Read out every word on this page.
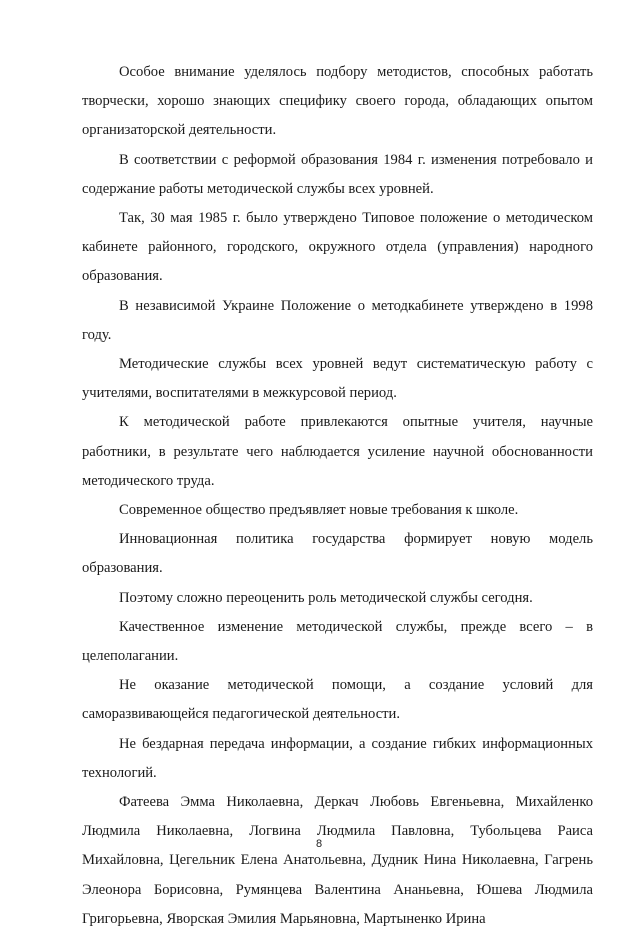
Особое внимание уделялось подбору методистов, способных работать творчески, хорошо знающих специфику своего города, обладающих опытом организаторской деятельности.

В соответствии с реформой образования 1984 г. изменения потребовало и содержание работы методической службы всех уровней.

Так, 30 мая 1985 г. было утверждено Типовое положение о методическом кабинете районного, городского, окружного отдела (управления) народного образования.

В независимой Украине Положение о методкабинете утверждено в 1998 году.

Методические службы всех уровней ведут систематическую работу с учителями, воспитателями в межкурсовой период.

К методической работе привлекаются опытные учителя, научные работники, в результате чего наблюдается усиление научной обоснованности методического труда.

Современное общество предъявляет новые требования к школе.

Инновационная политика государства формирует новую модель образования.

Поэтому сложно переоценить роль методической службы сегодня.

Качественное изменение методической службы, прежде всего – в целеполагании.

Не оказание методической помощи, а создание условий для саморазвивающейся педагогической деятельности.

Не бездарная передача информации, а создание гибких информационных технологий.

Фатеева Эмма Николаевна, Деркач Любовь Евгеньевна, Михайленко Людмила Николаевна, Логвина Людмила Павловна, Тубольцева Раиса Михайловна, Цегельник Елена Анатольевна, Дудник Нина Николаевна, Гагрень Элеонора Борисовна, Румянцева Валентина Ананьевна, Юшева Людмила Григорьевна, Яворская Эмилия Марьяновна, Мартыненко Ирина

8
